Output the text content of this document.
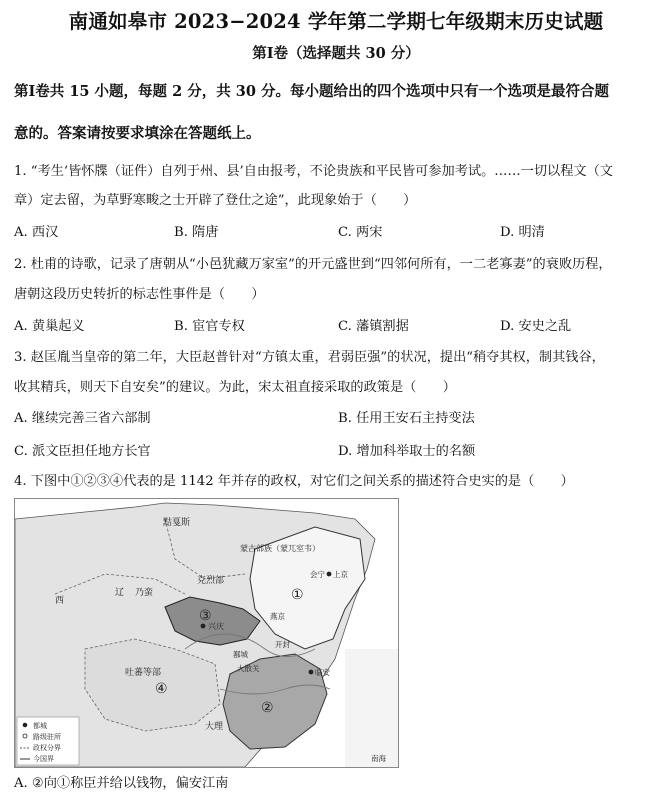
南通如皋市 2023−2024 学年第二学期七年级期末历史试题
第Ⅰ卷（选择题共 30 分）
第Ⅰ卷共 15 小题，每题 2 分，共 30 分。每小题给出的四个选项中只有一个选项是最符合题
意的。答案请按要求填涂在答题纸上。
1. “考生‘皆怀牒（证件）自列于州、县’自由报考，不论贵族和平民皆可参加考试。……一切以程文（文
章）定去留，为草野寒畯之士开辟了登仕之途”，此现象始于（　　）
A. 西汉	B. 隋唐	C. 两宋	D. 明清
2. 杜甫的诗歌，记录了唐朝从“小邑犹藏万家室”的开元盛世到“四邻何所有，一二老寡妻”的衰败历程，
唐朝这段历史转折的标志性事件是（　　）
A. 黄巢起义	B. 宦官专权	C. 藩镇割据	D. 安史之乱
3. 赵匡胤当皇帝的第二年，大臣赵普针对“方镇太重，君弱臣强”的状况，提出“稍夺其权，制其钱谷，
收其精兵，则天下自安矣”的建议。为此，宋太祖直接采取的政策是（　　）
A. 继续完善三省六部制	B. 任用王安石主持变法
C. 派文臣担任地方长官	D. 增加科举取士的名额
4. 下图中①②③④代表的是 1142 年并存的政权，对它们之间关系的描述符合史实的是（　　）
黠戛斯
蒙古部族（蒙兀室韦）
克烈部
西
辽 乃蛮
吐蕃等部
大理
大散关
南海
会宁 上京
燕京
兴庆
开封
鄯城
临安
①
②
③
④
都城
路级驻所
政权分界
今国界
A. ②向①称臣并给以钱物，偏安江南
